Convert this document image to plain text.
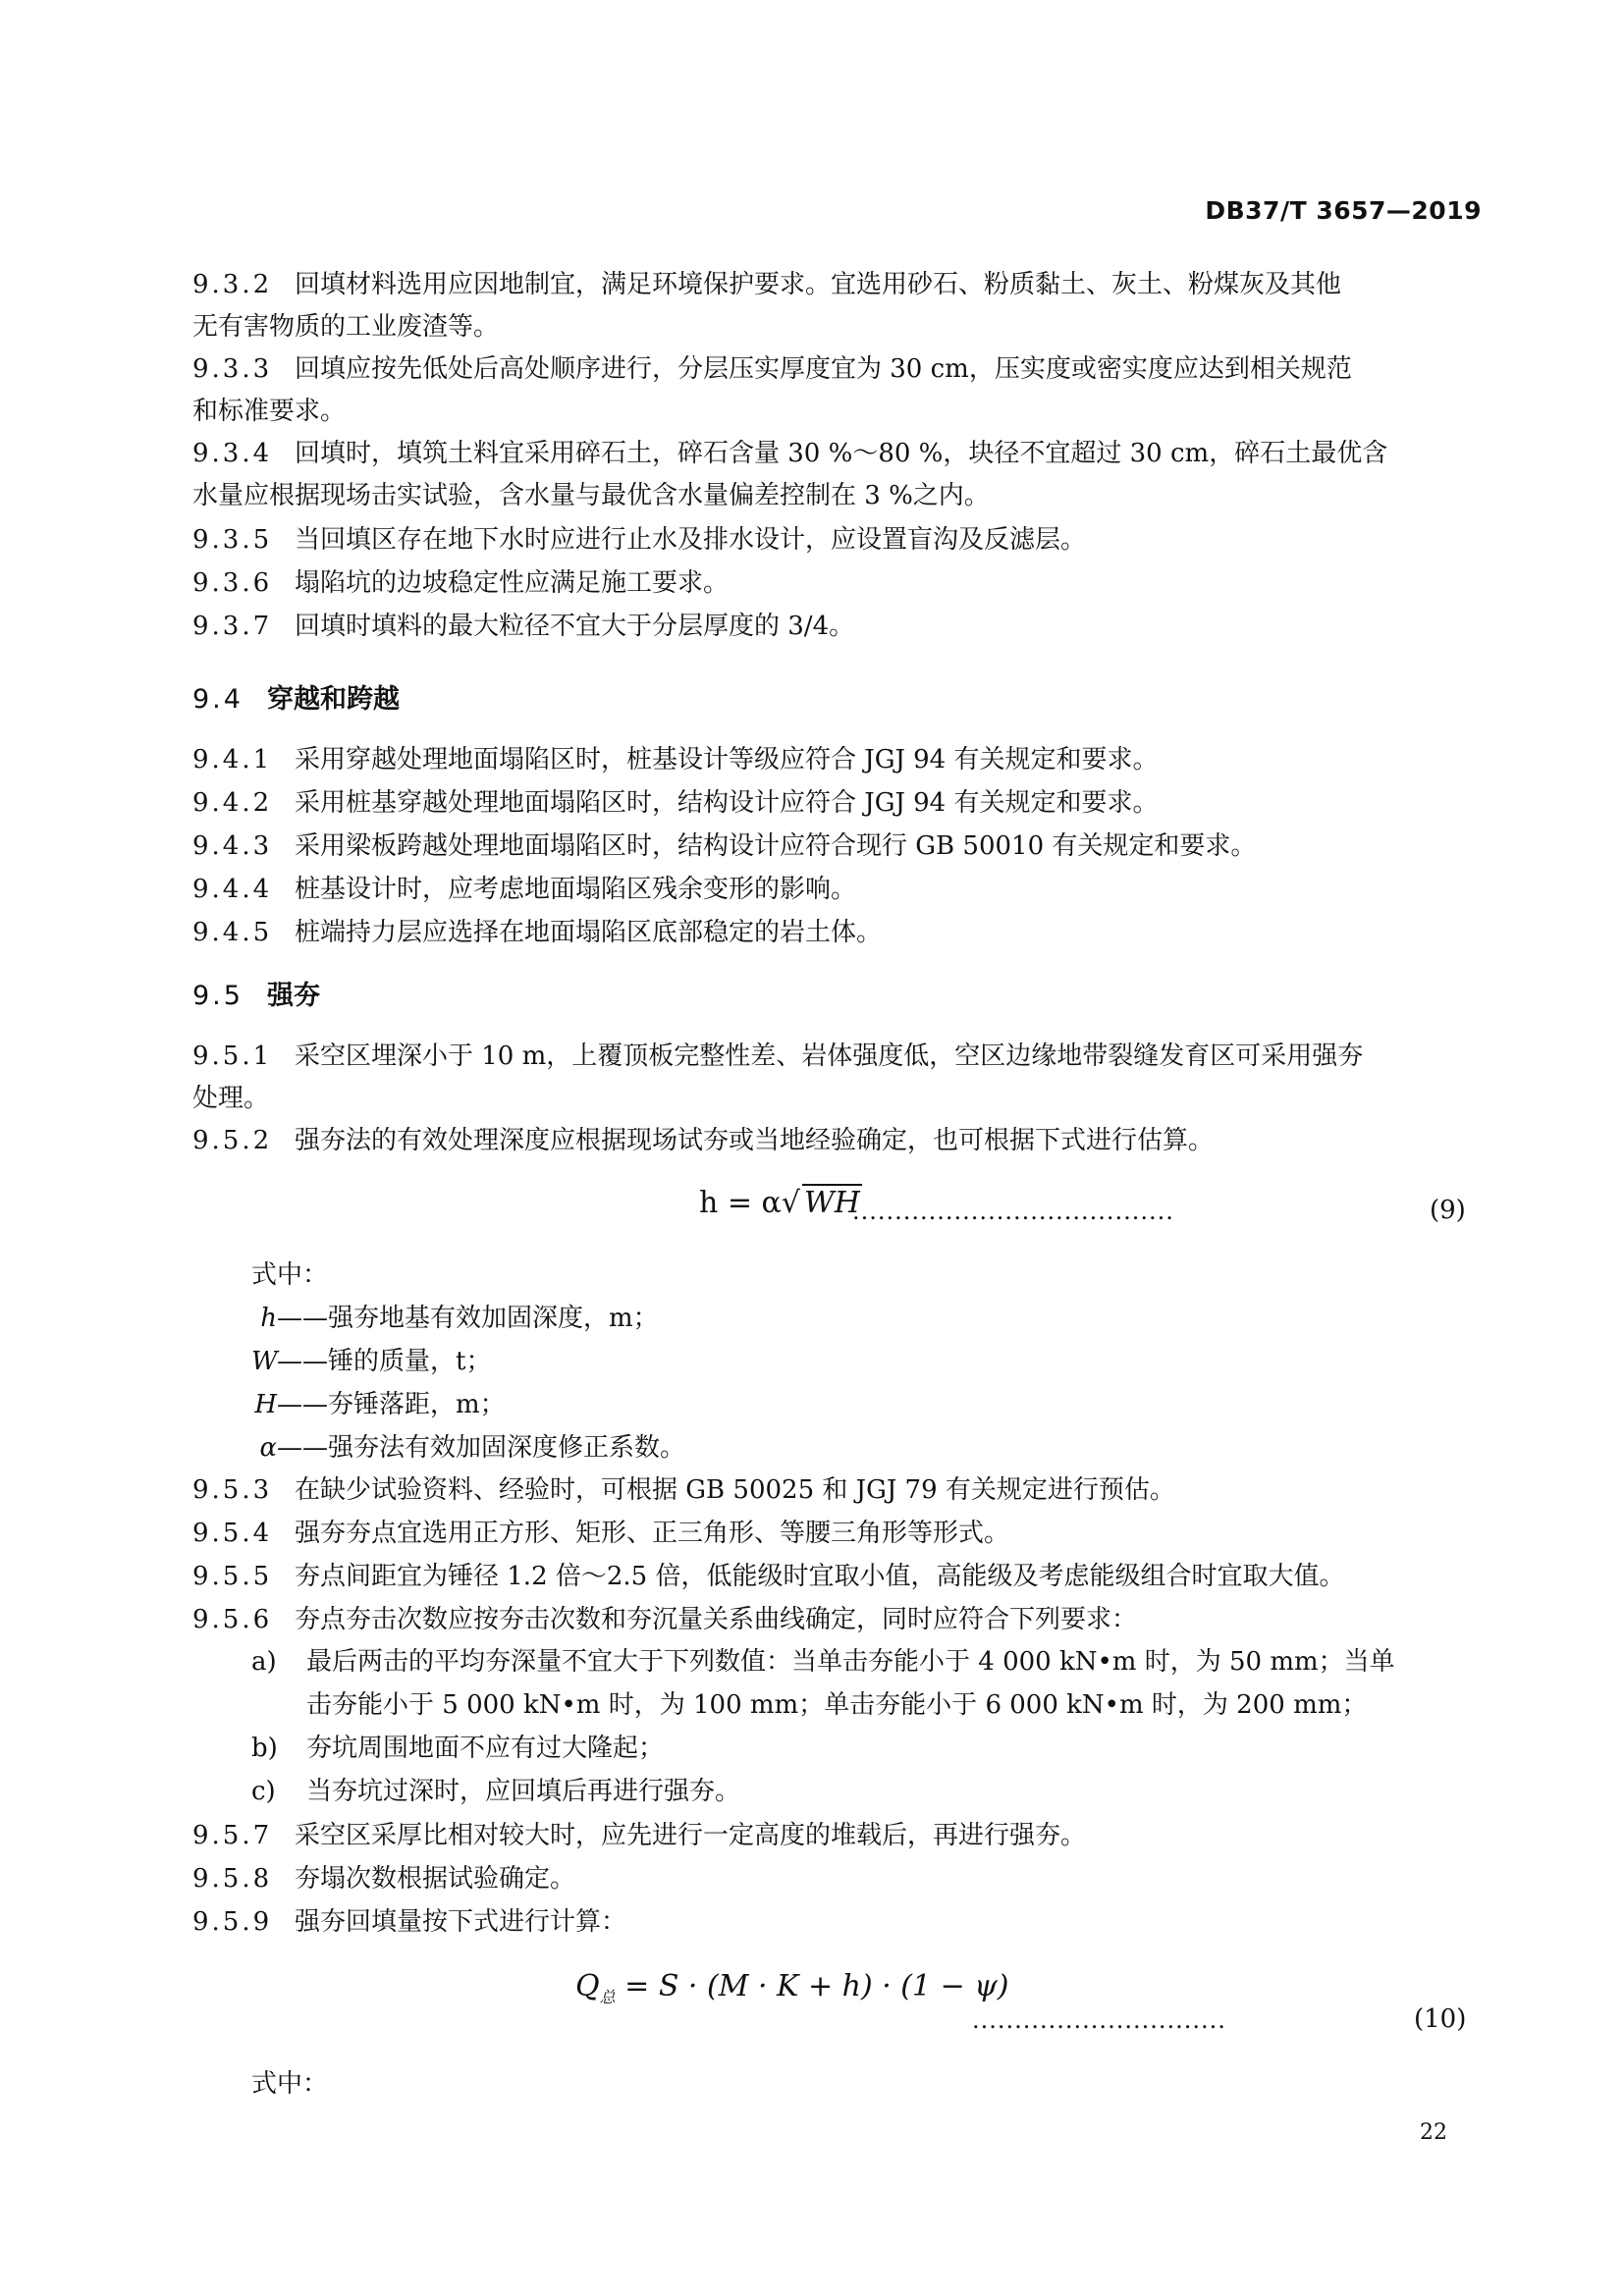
DB37/T 3657—2019
9.3.2 回填材料选用应因地制宜，满足环境保护要求。宜选用砂石、粉质黏土、灰土、粉煤灰及其他
无有害物质的工业废渣等。
9.3.3 回填应按先低处后高处顺序进行，分层压实厚度宜为 30 cm，压实度或密实度应达到相关规范
和标准要求。
9.3.4 回填时，填筑土料宜采用碎石土，碎石含量 30 %～80 %，块径不宜超过 30 cm，碎石土最优含
水量应根据现场击实试验，含水量与最优含水量偏差控制在 3 %之内。
9.3.5 当回填区存在地下水时应进行止水及排水设计，应设置盲沟及反滤层。
9.3.6 塌陷坑的边坡稳定性应满足施工要求。
9.3.7 回填时填料的最大粒径不宜大于分层厚度的 3/4。
9.4 穿越和跨越
9.4.1 采用穿越处理地面塌陷区时，桩基设计等级应符合 JGJ 94 有关规定和要求。
9.4.2 采用桩基穿越处理地面塌陷区时，结构设计应符合 JGJ 94 有关规定和要求。
9.4.3 采用梁板跨越处理地面塌陷区时，结构设计应符合现行 GB 50010 有关规定和要求。
9.4.4 桩基设计时，应考虑地面塌陷区残余变形的影响。
9.4.5 桩端持力层应选择在地面塌陷区底部稳定的岩土体。
9.5 强夯
9.5.1 采空区埋深小于 10 m，上覆顶板完整性差、岩体强度低，空区边缘地带裂缝发育区可采用强夯
处理。
9.5.2 强夯法的有效处理深度应根据现场试夯或当地经验确定，也可根据下式进行估算。
h = α√ WH
......................................	(9)
式中：
h——强夯地基有效加固深度，m；
W——锤的质量，t；
H——夯锤落距，m；
α——强夯法有效加固深度修正系数。
9.5.3 在缺少试验资料、经验时，可根据 GB 50025 和 JGJ 79 有关规定进行预估。
9.5.4 强夯夯点宜选用正方形、矩形、正三角形、等腰三角形等形式。
9.5.5 夯点间距宜为锤径 1.2 倍～2.5 倍，低能级时宜取小值，高能级及考虑能级组合时宜取大值。
9.5.6 夯点夯击次数应按夯击次数和夯沉量关系曲线确定，同时应符合下列要求：
a) 最后两击的平均夯深量不宜大于下列数值：当单击夯能小于 4 000 kN•m 时，为 50 mm；当单
击夯能小于 5 000 kN•m 时，为 100 mm；单击夯能小于 6 000 kN•m 时，为 200 mm；
b) 夯坑周围地面不应有过大隆起；
c) 当夯坑过深时，应回填后再进行强夯。
9.5.7 采空区采厚比相对较大时，应先进行一定高度的堆载后，再进行强夯。
9.5.8 夯塌次数根据试验确定。
9.5.9 强夯回填量按下式进行计算：
$Q_总 = S \cdot (M \cdot K + h) \cdot (1 - \psi)$
..............................	(10)
式中：
22
